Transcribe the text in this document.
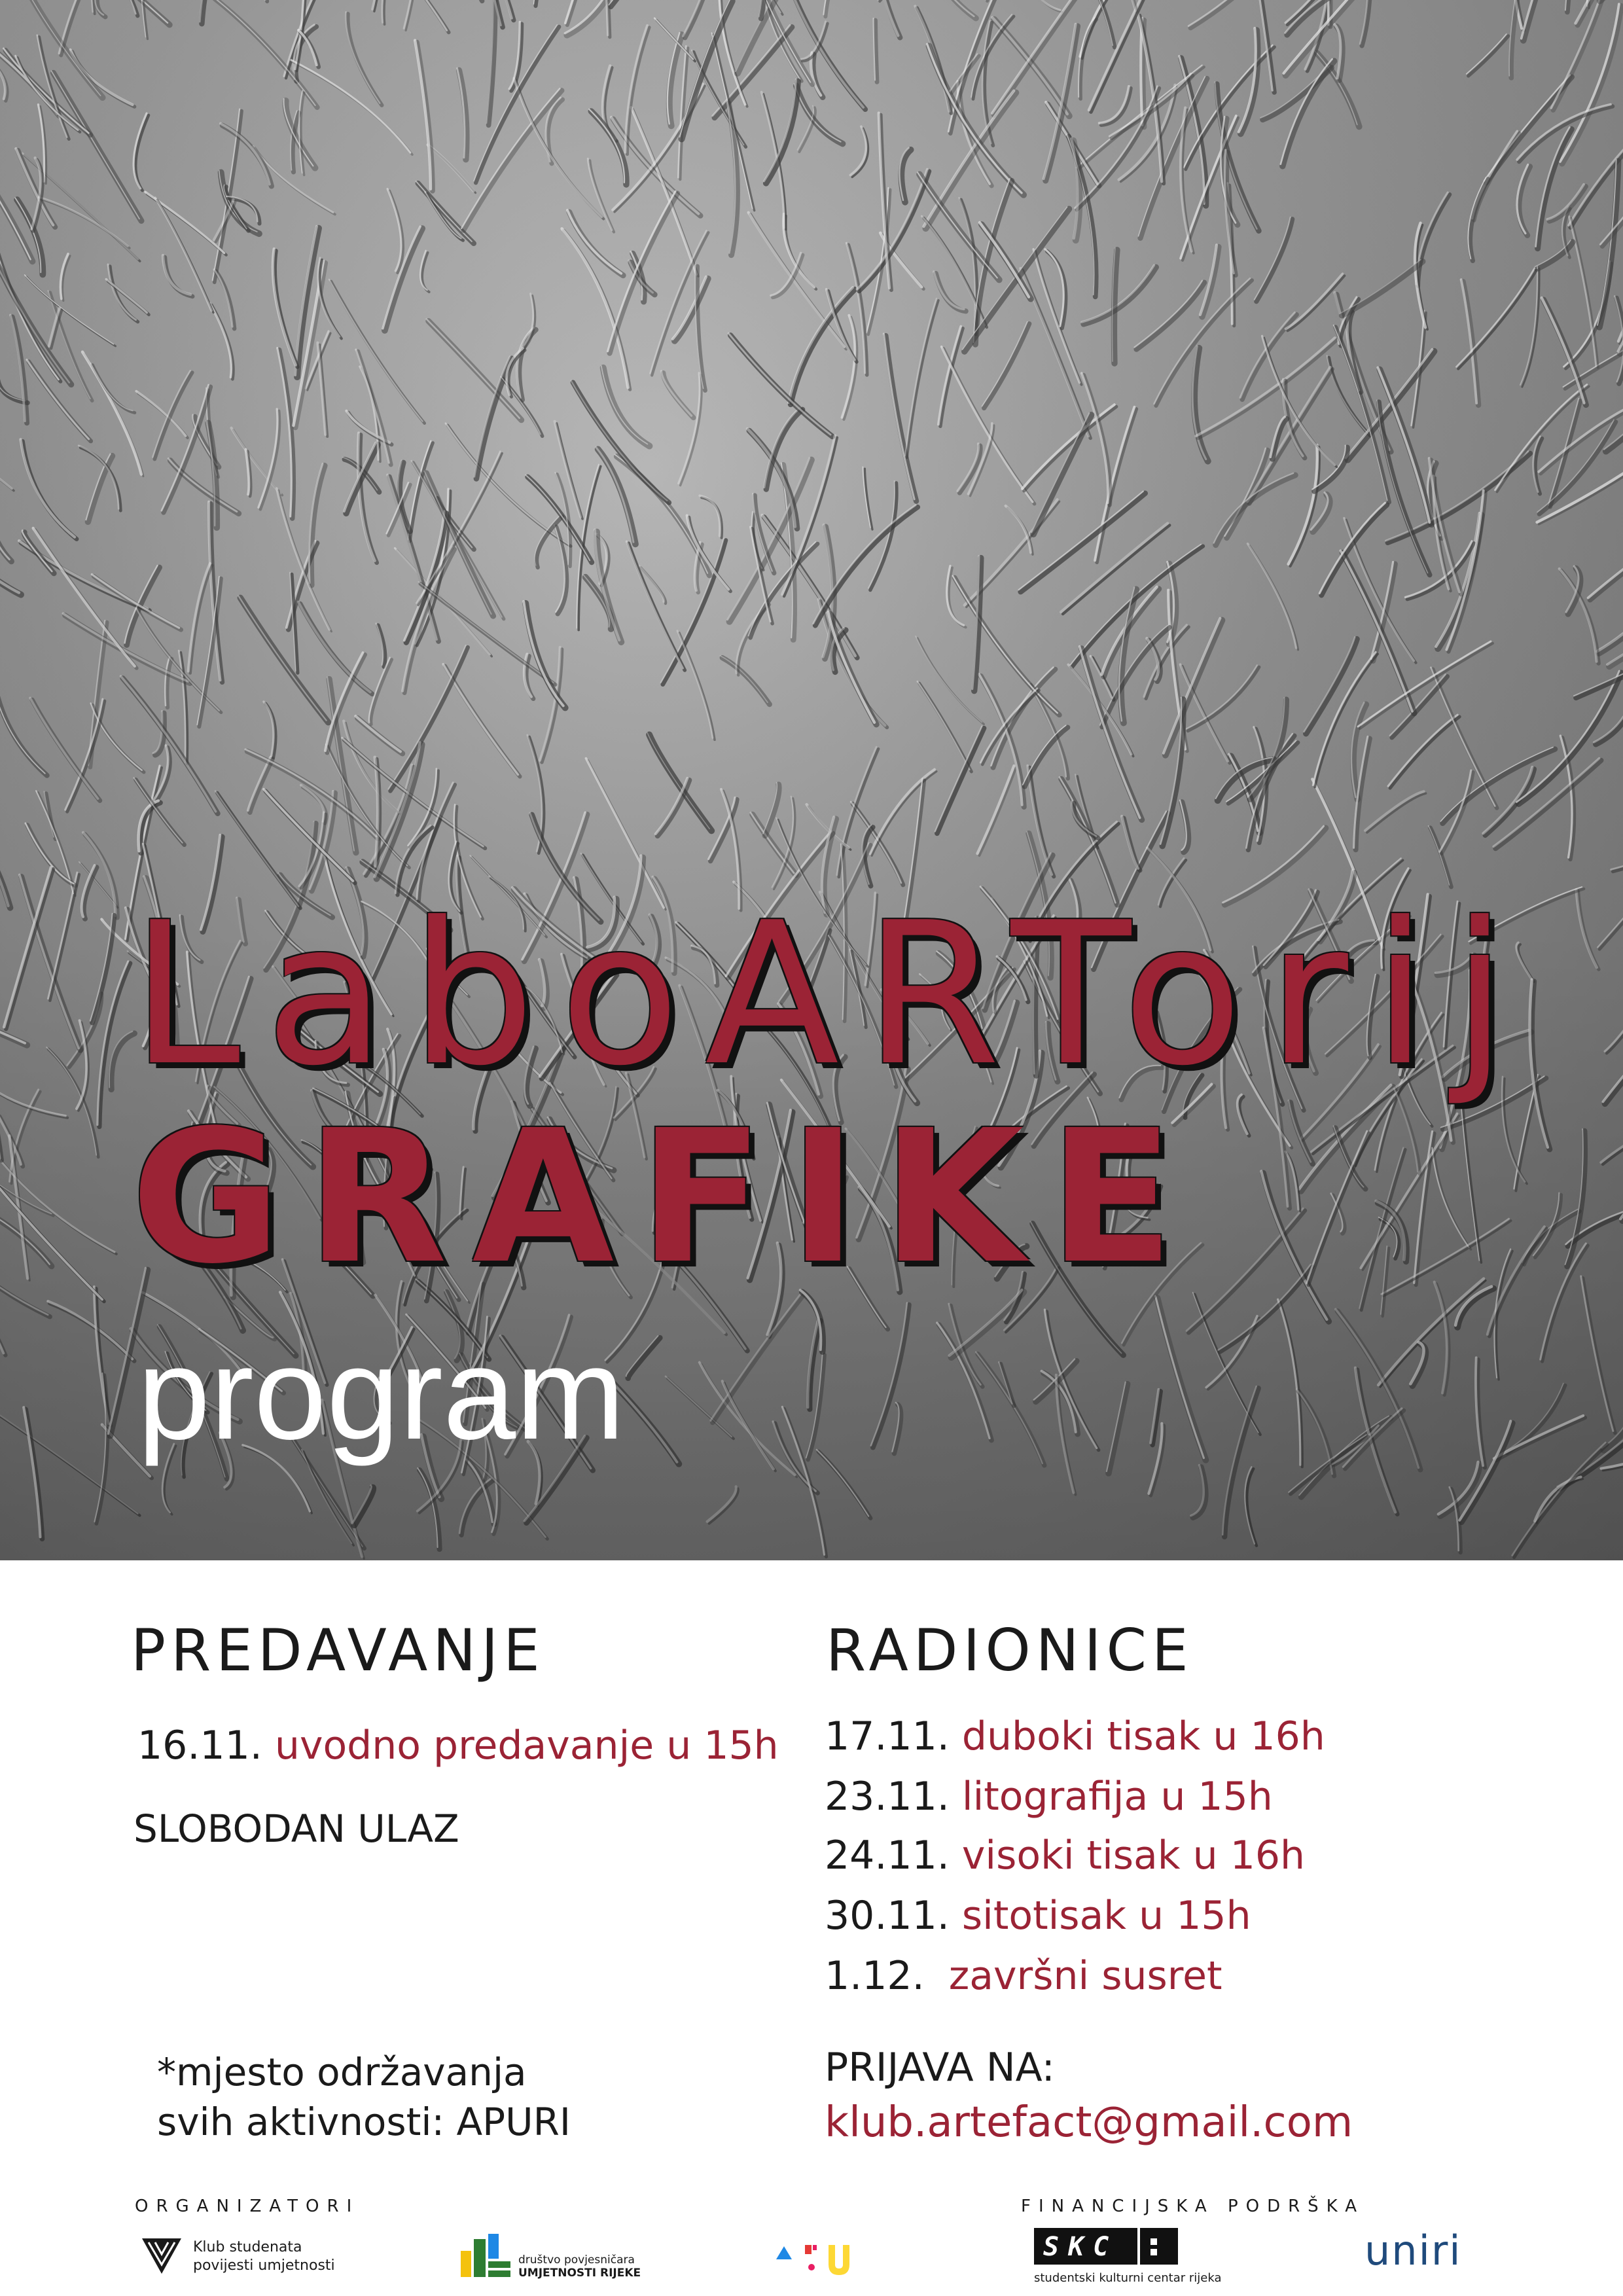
LaboARTorij
GRAFIKE
program
PREDAVANJE
16.11. uvodno predavanje u 15h
SLOBODAN ULAZ
RADIONICE
17.11. duboki tisak u 16h
23.11. litografija u 15h
24.11. visoki tisak u 16h
30.11. sitotisak u 15h
1.12. završni susret
*mjesto održavanja
svih aktivnosti: APURI
PRIJAVA NA:
klub.artefact@gmail.com
ORGANIZATORI	FINANCIJSKA PODRŠKA
Klub studenata
povijesti umjetnosti	društvo povjesničara
UMJETNOSTI RIJEKE
SKC
studentski kulturni centar rijeka
uniri
